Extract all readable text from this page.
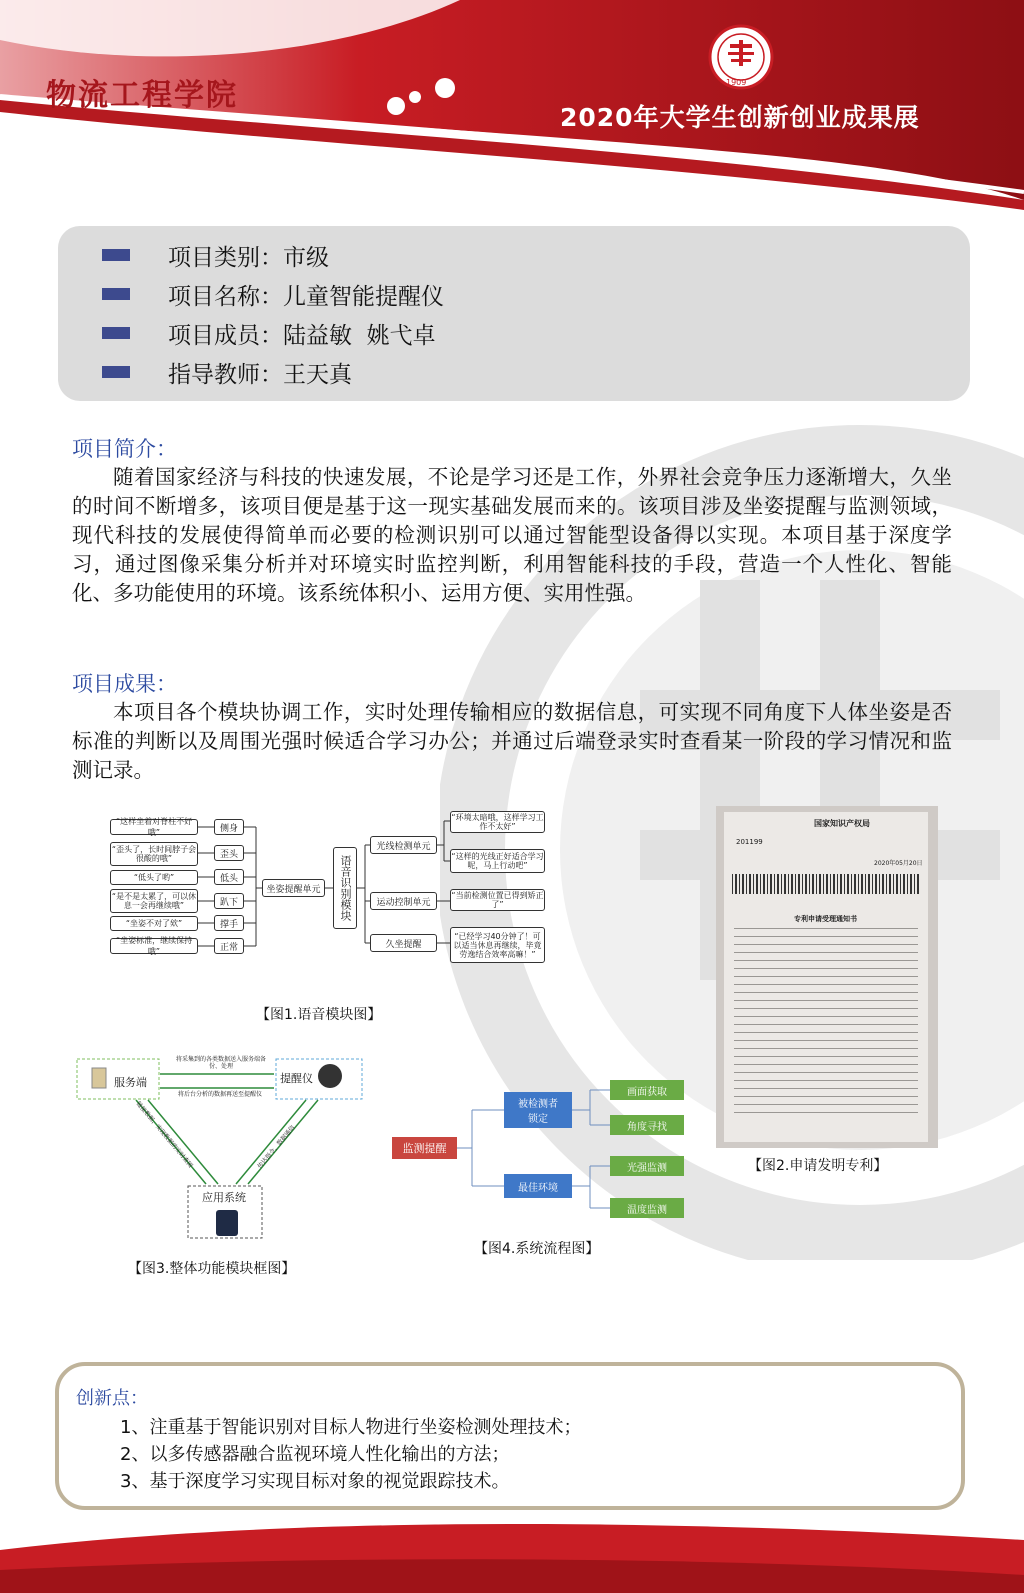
物流工程学院	1909
2020年大学生创新创业成果展
项目类别： 市级
项目名称： 儿童智能提醒仪
项目成员： 陆益敏  姚弋卓
指导教师： 王天真
项目简介：
随着国家经济与科技的快速发展，不论是学习还是工作，外界社会竞争压力逐渐增大，久坐的时间不断增多，该项目便是基于这一现实基础发展而来的。该项目涉及坐姿提醒与监测领域，现代科技的发展使得简单而必要的检测识别可以通过智能型设备得以实现。本项目基于深度学习，通过图像采集分析并对环境实时监控判断，利用智能科技的手段，营造一个人性化、智能化、多功能使用的环境。该系统体积小、运用方便、实用性强。
项目成果：
本项目各个模块协调工作，实时处理传输相应的数据信息，可实现不同角度下人体坐姿是否标准的判断以及周围光强时候适合学习办公；并通过后端登录实时查看某一阶段的学习情况和监测记录。
“这样坐着对脊柱不好哦”
“歪头了，长时间脖子会很酸的哦”
“低头了哟”
“是不是太累了，可以休息一会再继续哦”
“坐姿不对了欸”
“坐姿标准，继续保持哦”
侧身
歪头
低头
趴下
撑手
正常
坐姿提醒单元	语音识别模块
光线检测单元
运动控制单元
久坐提醒
“环境太暗哦，这样学习工作不太好”
“这样的光线正好适合学习呢，马上行动吧”
“当前检测位置已得到矫正了”
“已经学习40分钟了！可以适当休息再继续，毕竟劳逸结合效率高嘛！”
【图1.语音模块图】
国家知识产权局
201199
2020年05月20日
专利申请受理通知书
【图2.申请发明专利】
服务端	提醒仪
应用系统
将采集到的各类数据送入服务端备份、处理
将后台分析的数据再送至提醒仪
链接数据，实现数据的实时查阅	传达指令，数据通信
【图3.整体功能模块框图】
监测提醒
被检测者锁定
最佳环境
画面获取
角度寻找
光强监测
温度监测
【图4.系统流程图】
创新点：
1、注重基于智能识别对目标人物进行坐姿检测处理技术；
2、以多传感器融合监视环境人性化输出的方法；
3、基于深度学习实现目标对象的视觉跟踪技术。
